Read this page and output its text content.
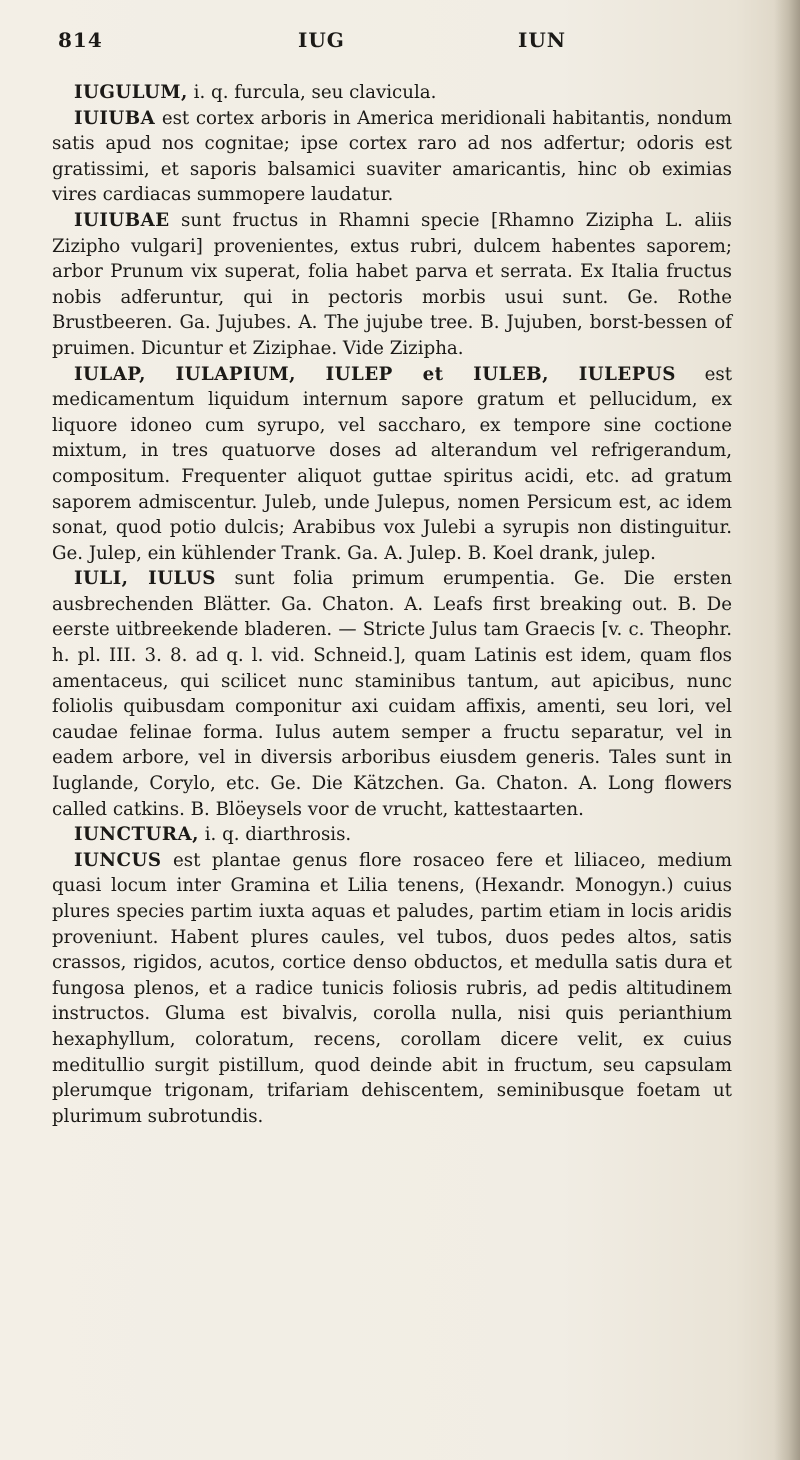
814	IUG	IUN

IUGULUM, i. q. furcula, seu clavicula.

IUIUBA est cortex arboris in America meridionali habitantis, nondum satis apud nos cognitae; ipse cortex raro ad nos adfertur; odoris est gratissimi, et saporis balsamici suaviter amaricantis, hinc ob eximias vires cardiacas summopere laudatur.

IUIUBAE sunt fructus in Rhamni specie [Rhamno Ziziphа L. aliis Zizipho vulgari] provenientes, extus rubri, dulcem habentes saporem; arbor Prunum vix superat, folia habet parva et serrata. Ex Italia fructus nobis adferuntur, qui in pectoris morbis usui sunt. Ge. Rothe Brustbeeren. Ga. Jujubes. A. The jujube tree. B. Jujuben, borst-bessen of pruimen. Dicuntur et Ziziphae. Vide Zizipha.

IULAP, IULAPIUM, IULEP et IULEB, IULEPUS est medicamentum liquidum internum sapore gratum et pellucidum, ex liquore idoneo cum syrupo, vel saccharo, ex tempore sine coctione mixtum, in tres quatuorve doses ad alterandum vel refrigerandum, compositum. Frequenter aliquot guttae spiritus acidi, etc. ad gratum saporem admiscentur. Juleb, unde Julepus, nomen Persicum est, ac idem sonat, quod potio dulcis; Arabibus vox Julebi a syrupis non distinguitur. Ge. Julep, ein kühlender Trank. Ga. A. Julep. B. Koel drank, julep.

IULI, IULUS sunt folia primum erumpentia. Ge. Die ersten ausbrechenden Blätter. Ga. Chaton. A. Leafs first breaking out. B. De eerste uitbreekende bladeren. — Stricte Julus tam Graecis [v. c. Theophr. h. pl. III. 3. 8. ad q. l. vid. Schneid.], quam Latinis est idem, quam flos amentaceus, qui scilicet nunc staminibus tantum, aut apicibus, nunc foliolis quibusdam componitur axi cuidam affixis, amenti, seu lori, vel caudae felinae forma. Iulus autem semper a fructu separatur, vel in eadem arbore, vel in diversis arboribus eiusdem generis. Tales sunt in Iuglande, Corylo, etc. Ge. Die Kätzchen. Ga. Chaton. A. Long flowers called catkins. B. Blöeysels voor de vrucht, kattestaarten.

IUNCTURA, i. q. diarthrosis.

IUNCUS est plantae genus flore rosaceo fere et liliaceo, medium quasi locum inter Gramina et Lilia tenens, (Hexandr. Monogyn.) cuius plures species partim iuxta aquas et paludes, partim etiam in locis aridis proveniunt. Habent plures caules, vel tubos, duos pedes altos, satis crassos, rigidos, acutos, cortice denso obductos, et medulla satis dura et fungosa plenos, et a radice tunicis foliosis rubris, ad pedis altitudinem instructos. Gluma est bivalvis, corolla nulla, nisi quis perianthium hexaphyllum, coloratum, recens, corollam dicere velit, ex cuius meditullio surgit pistillum, quod deinde abit in fructum, seu capsulam plerumque trigonam, trifariam dehiscentem, seminibusque foetam ut plurimum subrotundis.
